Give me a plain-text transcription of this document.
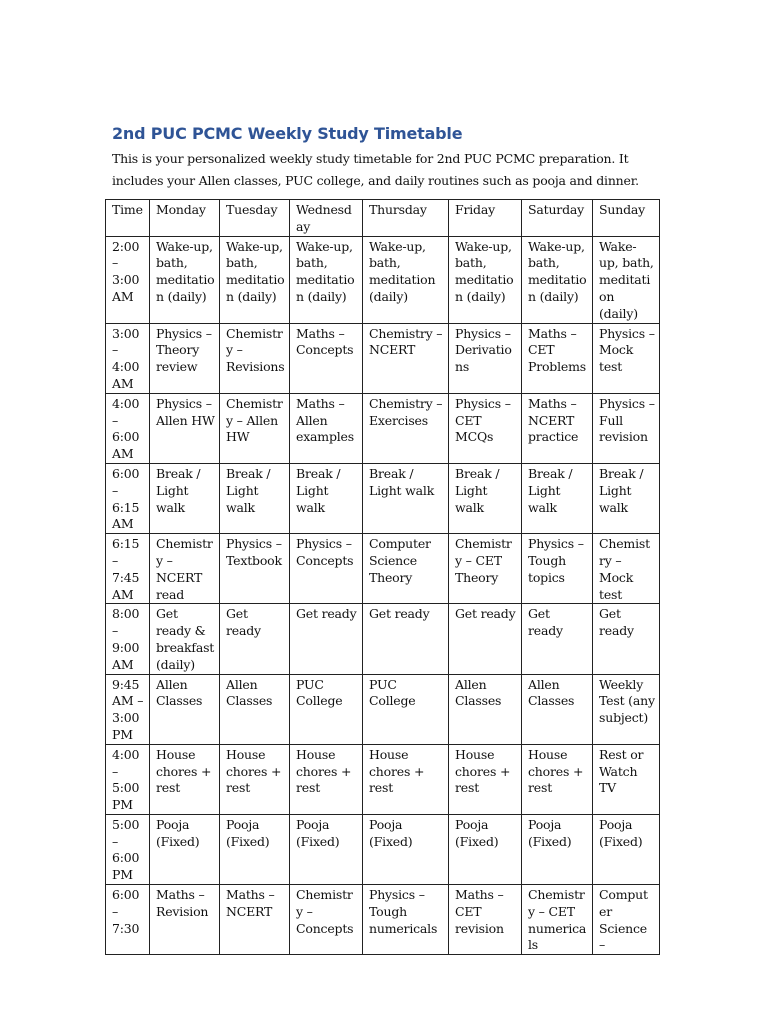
2nd PUC PCMC Weekly Study Timetable
This is your personalized weekly study timetable for 2nd PUC PCMC preparation. It includes your Allen classes, PUC college, and daily routines such as pooja and dinner.
Time	Monday	Tuesday	Wednesday	Thursday	Friday	Saturday	Sunday
2:00 – 3:00 AM	Wake-up, bath, meditation (daily)	Wake-up, bath, meditation (daily)	Wake-up, bath, meditation (daily)	Wake-up, bath, meditation (daily)	Wake-up, bath, meditation (daily)	Wake-up, bath, meditation (daily)	Wake-up, bath, meditation (daily)
3:00 – 4:00 AM	Physics – Theory review	Chemistry – Revisions	Maths – Concepts	Chemistry – NCERT	Physics – Derivations	Maths – CET Problems	Physics – Mock test
4:00 – 6:00 AM	Physics – Allen HW	Chemistry – Allen HW	Maths – Allen examples	Chemistry – Exercises	Physics – CET MCQs	Maths – NCERT practice	Physics – Full revision
6:00 – 6:15 AM	Break / Light walk	Break / Light walk	Break / Light walk	Break / Light walk	Break / Light walk	Break / Light walk	Break / Light walk
6:15 – 7:45 AM	Chemistry – NCERT read	Physics – Textbook	Physics – Concepts	Computer Science Theory	Chemistry – CET Theory	Physics – Tough topics	Chemistry – Mock test
8:00 – 9:00 AM	Get ready & breakfast (daily)	Get ready	Get ready	Get ready	Get ready	Get ready	Get ready
9:45 AM – 3:00 PM	Allen Classes	Allen Classes	PUC College	PUC College	Allen Classes	Allen Classes	Weekly Test (any subject)
4:00 – 5:00 PM	House chores + rest	House chores + rest	House chores + rest	House chores + rest	House chores + rest	House chores + rest	Rest or Watch TV
5:00 – 6:00 PM	Pooja (Fixed)	Pooja (Fixed)	Pooja (Fixed)	Pooja (Fixed)	Pooja (Fixed)	Pooja (Fixed)	Pooja (Fixed)
6:00 – 7:30	Maths – Revision	Maths – NCERT	Chemistry – Concepts	Physics – Tough numericals	Maths – CET revision	Chemistry – CET numericals	Computer Science –
